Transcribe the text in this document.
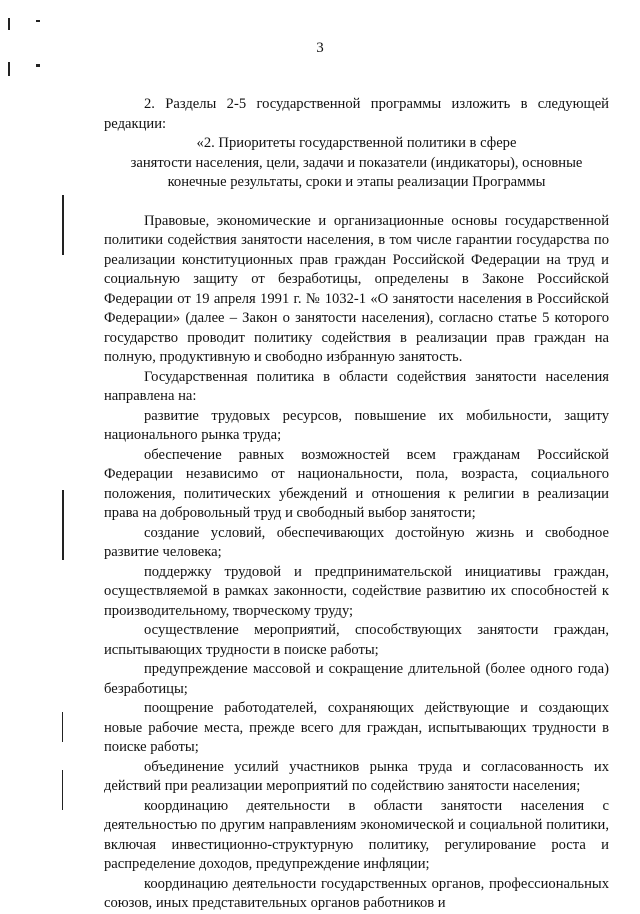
3

2. Разделы 2-5 государственной программы изложить в следующей редакции:

«2. Приоритеты государственной политики в сфере
занятости населения, цели, задачи и показатели (индикаторы), основные
конечные результаты, сроки и этапы реализации Программы

Правовые, экономические и организационные основы государственной политики содействия занятости населения, в том числе гарантии государства по реализации конституционных прав граждан Российской Федерации на труд и социальную защиту от безработицы, определены в Законе Российской Федерации от 19 апреля 1991 г. № 1032-1 «О занятости населения в Российской Федерации» (далее – Закон о занятости населения), согласно статье 5 которого государство проводит политику содействия в реализации прав граждан на полную, продуктивную и свободно избранную занятость.

Государственная политика в области содействия занятости населения направлена на:

развитие трудовых ресурсов, повышение их мобильности, защиту национального рынка труда;

обеспечение равных возможностей всем гражданам Российской Федерации независимо от национальности, пола, возраста, социального положения, политических убеждений и отношения к религии в реализации права на добровольный труд и свободный выбор занятости;

создание условий, обеспечивающих достойную жизнь и свободное развитие человека;

поддержку трудовой и предпринимательской инициативы граждан, осуществляемой в рамках законности, содействие развитию их способностей к производительному, творческому труду;

осуществление мероприятий, способствующих занятости граждан, испытывающих трудности в поиске работы;

предупреждение массовой и сокращение длительной (более одного года) безработицы;

поощрение работодателей, сохраняющих действующие и создающих новые рабочие места, прежде всего для граждан, испытывающих трудности в поиске работы;

объединение усилий участников рынка труда и согласованность их действий при реализации мероприятий по содействию занятости населения;

координацию деятельности в области занятости населения с деятельностью по другим направлениям экономической и социальной политики, включая инвестиционно-структурную политику, регулирование роста и распределение доходов, предупреждение инфляции;

координацию деятельности государственных органов, профессиональных союзов, иных представительных органов работников и
